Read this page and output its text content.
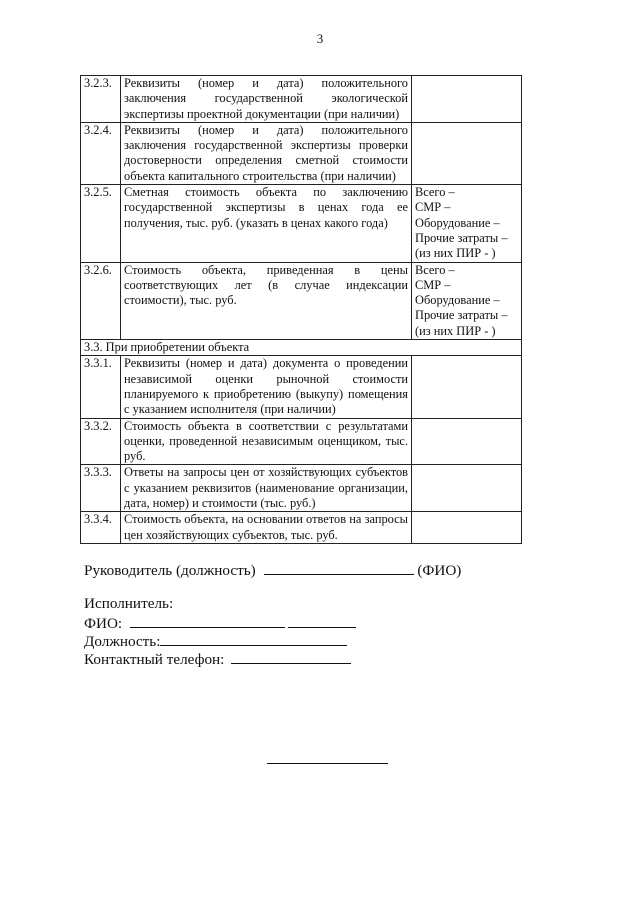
3
3.2.3.	Реквизиты (номер и дата) положительного заключения государственной экологической экспертизы проектной документации (при наличии)	
3.2.4.	Реквизиты (номер и дата) положительного заключения государственной экспертизы проверки достоверности определения сметной стоимости объекта капитального строительства (при наличии)	
3.2.5.	Сметная стоимость объекта по заключению государственной экспертизы в ценах года ее получения, тыс. руб. (указать в ценах какого года)	Всего –
СМР –
Оборудование –
Прочие затраты –
(из них ПИР - )

3.2.6.	Стоимость объекта, приведенная в цены соответствующих лет (в случае индексации стоимости), тыс. руб.	Всего –
СМР –
Оборудование –
Прочие затраты –
(из них ПИР - )

3.3. При приобретении объекта		
3.3.1.	Реквизиты (номер и дата) документа о проведении независимой оценки рыночной стоимости планируемого к приобретению (выкупу) помещения с указанием исполнителя (при наличии)	
3.3.2.	Стоимость объекта в соответствии с результатами оценки, проведенной независимым оценщиком, тыс. руб.	
3.3.3.	Ответы на запросы цен от хозяйствующих субъектов с указанием реквизитов (наименование организации, дата, номер) и стоимости (тыс. руб.)	
3.3.4.	Стоимость объекта, на основании ответов на запросы цен хозяйствующих субъектов, тыс. руб.	
Руководитель (должность)	(ФИО)
Исполнитель:
ФИО:
Должность:
Контактный телефон:
